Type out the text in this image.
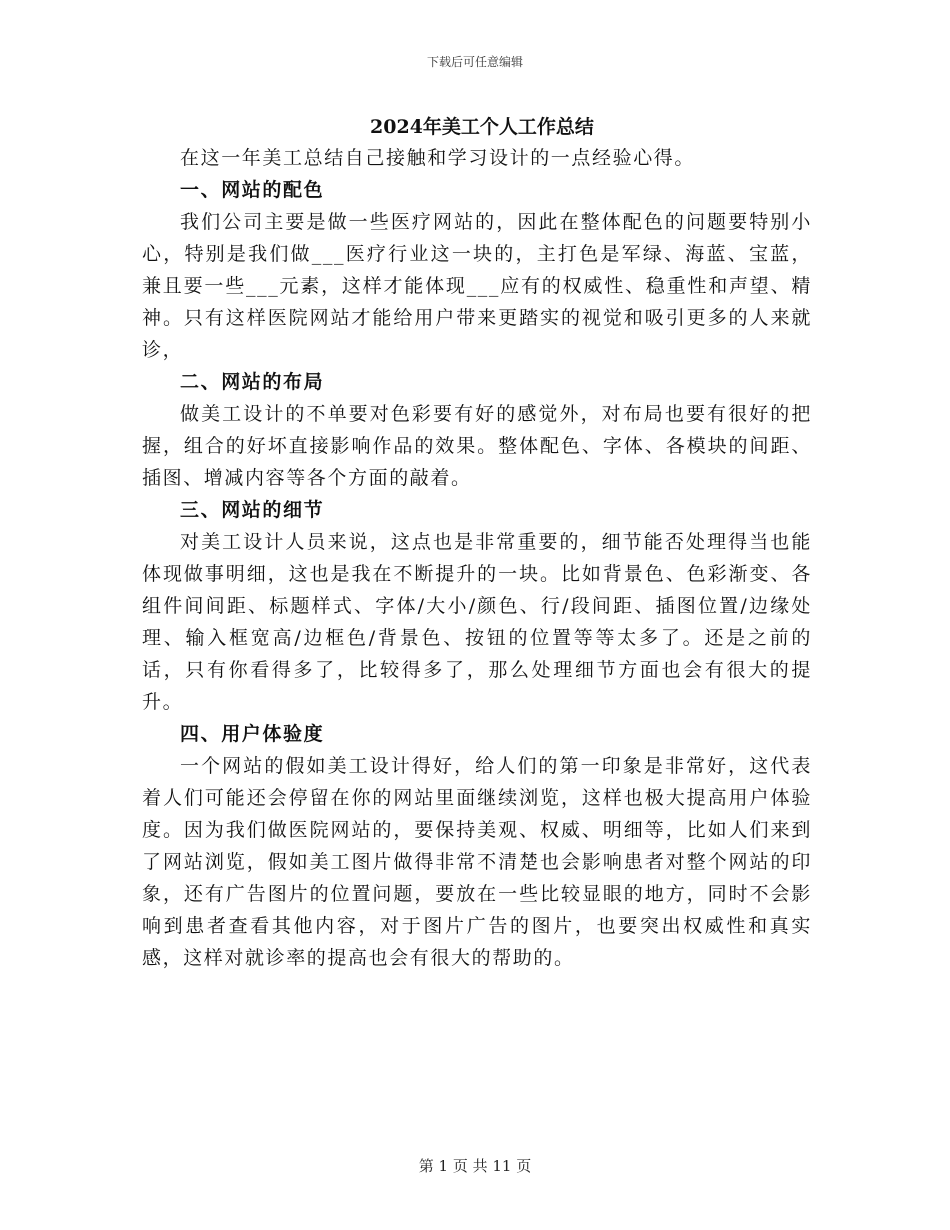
下载后可任意编辑

2024年美工个人工作总结

在这一年美工总结自己接触和学习设计的一点经验心得。

一、网站的配色

我们公司主要是做一些医疗网站的，因此在整体配色的问题要特别小心，特别是我们做___医疗行业这一块的，主打色是军绿、海蓝、宝蓝，兼且要一些___元素，这样才能体现___应有的权威性、稳重性和声望、精神。只有这样医院网站才能给用户带来更踏实的视觉和吸引更多的人来就诊，

二、网站的布局

做美工设计的不单要对色彩要有好的感觉外，对布局也要有很好的把握，组合的好坏直接影响作品的效果。整体配色、字体、各模块的间距、插图、增减内容等各个方面的敲着。

三、网站的细节

对美工设计人员来说，这点也是非常重要的，细节能否处理得当也能体现做事明细，这也是我在不断提升的一块。比如背景色、色彩渐变、各组件间间距、标题样式、字体/大小/颜色、行/段间距、插图位置/边缘处理、输入框宽高/边框色/背景色、按钮的位置等等太多了。还是之前的话，只有你看得多了，比较得多了，那么处理细节方面也会有很大的提升。

四、用户体验度

一个网站的假如美工设计得好，给人们的第一印象是非常好，这代表着人们可能还会停留在你的网站里面继续浏览，这样也极大提高用户体验度。因为我们做医院网站的，要保持美观、权威、明细等，比如人们来到了网站浏览，假如美工图片做得非常不清楚也会影响患者对整个网站的印象，还有广告图片的位置问题，要放在一些比较显眼的地方，同时不会影响到患者查看其他内容，对于图片广告的图片，也要突出权威性和真实感，这样对就诊率的提高也会有很大的帮助的。

第 1 页 共 11 页
